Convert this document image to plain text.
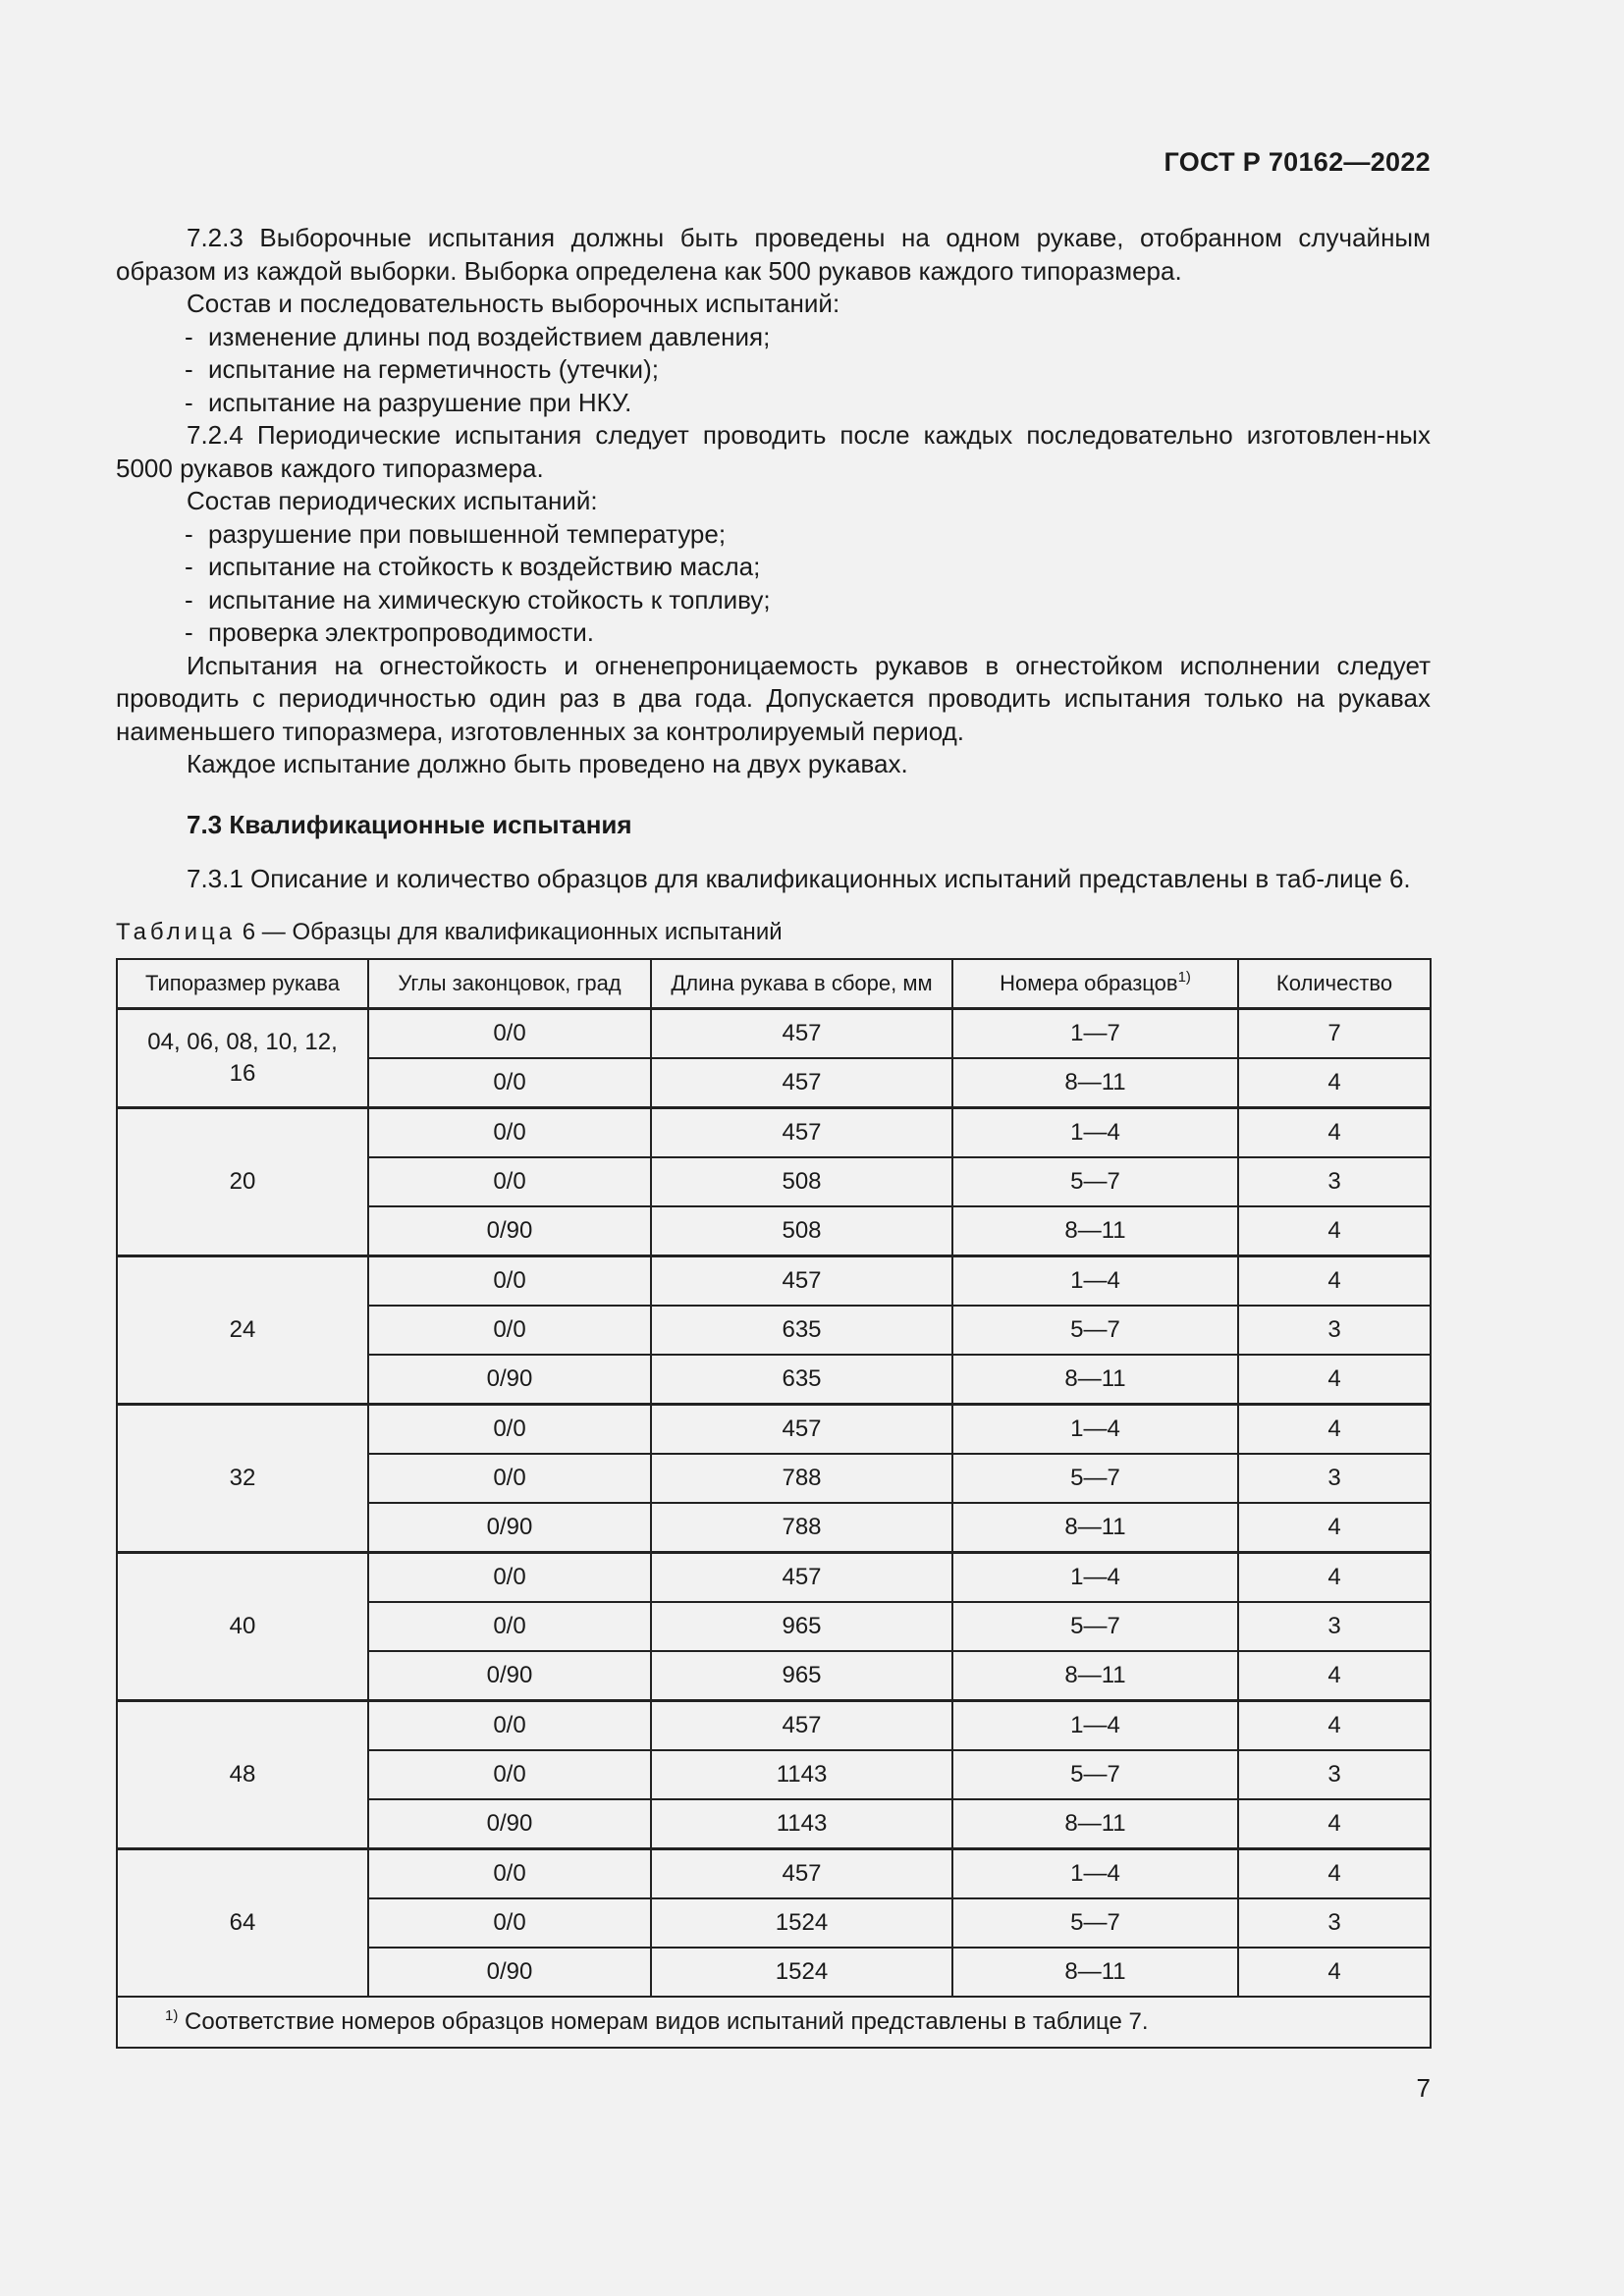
ГОСТ Р 70162—2022

7.2.3 Выборочные испытания должны быть проведены на одном рукаве, отобранном случайным образом из каждой выборки. Выборка определена как 500 рукавов каждого типоразмера.

Состав и последовательность выборочных испытаний:

- изменение длины под воздействием давления;

- испытание на герметичность (утечки);

- испытание на разрушение при НКУ.

7.2.4 Периодические испытания следует проводить после каждых последовательно изготовлен-ных 5000 рукавов каждого типоразмера.

Состав периодических испытаний:

- разрушение при повышенной температуре;

- испытание на стойкость к воздействию масла;

- испытание на химическую стойкость к топливу;

- проверка электропроводимости.

Испытания на огнестойкость и огненепроницаемость рукавов в огнестойком исполнении следует проводить с периодичностью один раз в два года. Допускается проводить испытания только на рукавах наименьшего типоразмера, изготовленных за контролируемый период.

Каждое испытание должно быть проведено на двух рукавах.

7.3 Квалификационные испытания

7.3.1 Описание и количество образцов для квалификационных испытаний представлены в таб-лице 6.

Таблица 6 — Образцы для квалификационных испытаний
Типоразмер рукава	Углы законцовок, град	Длина рукава в сборе, мм	Номера образцов$^{1)}$	Количество
04, 06, 08, 10, 12, 16	0/0	457	1—7	7
	0/0	457	8—11	4
20	0/0	457	1—4	4
	0/0	508	5—7	3
	0/90	508	8—11	4
24	0/0	457	1—4	4
	0/0	635	5—7	3
	0/90	635	8—11	4
32	0/0	457	1—4	4
	0/0	788	5—7	3
	0/90	788	8—11	4
40	0/0	457	1—4	4
	0/0	965	5—7	3
	0/90	965	8—11	4
48	0/0	457	1—4	4
	0/0	1143	5—7	3
	0/90	1143	8—11	4
64	0/0	457	1—4	4
	0/0	1524	5—7	3
	0/90	1524	8—11	4
$^{1)}$ Соответствие номеров образцов номерам видов испытаний представлены в таблице 7.				
7
